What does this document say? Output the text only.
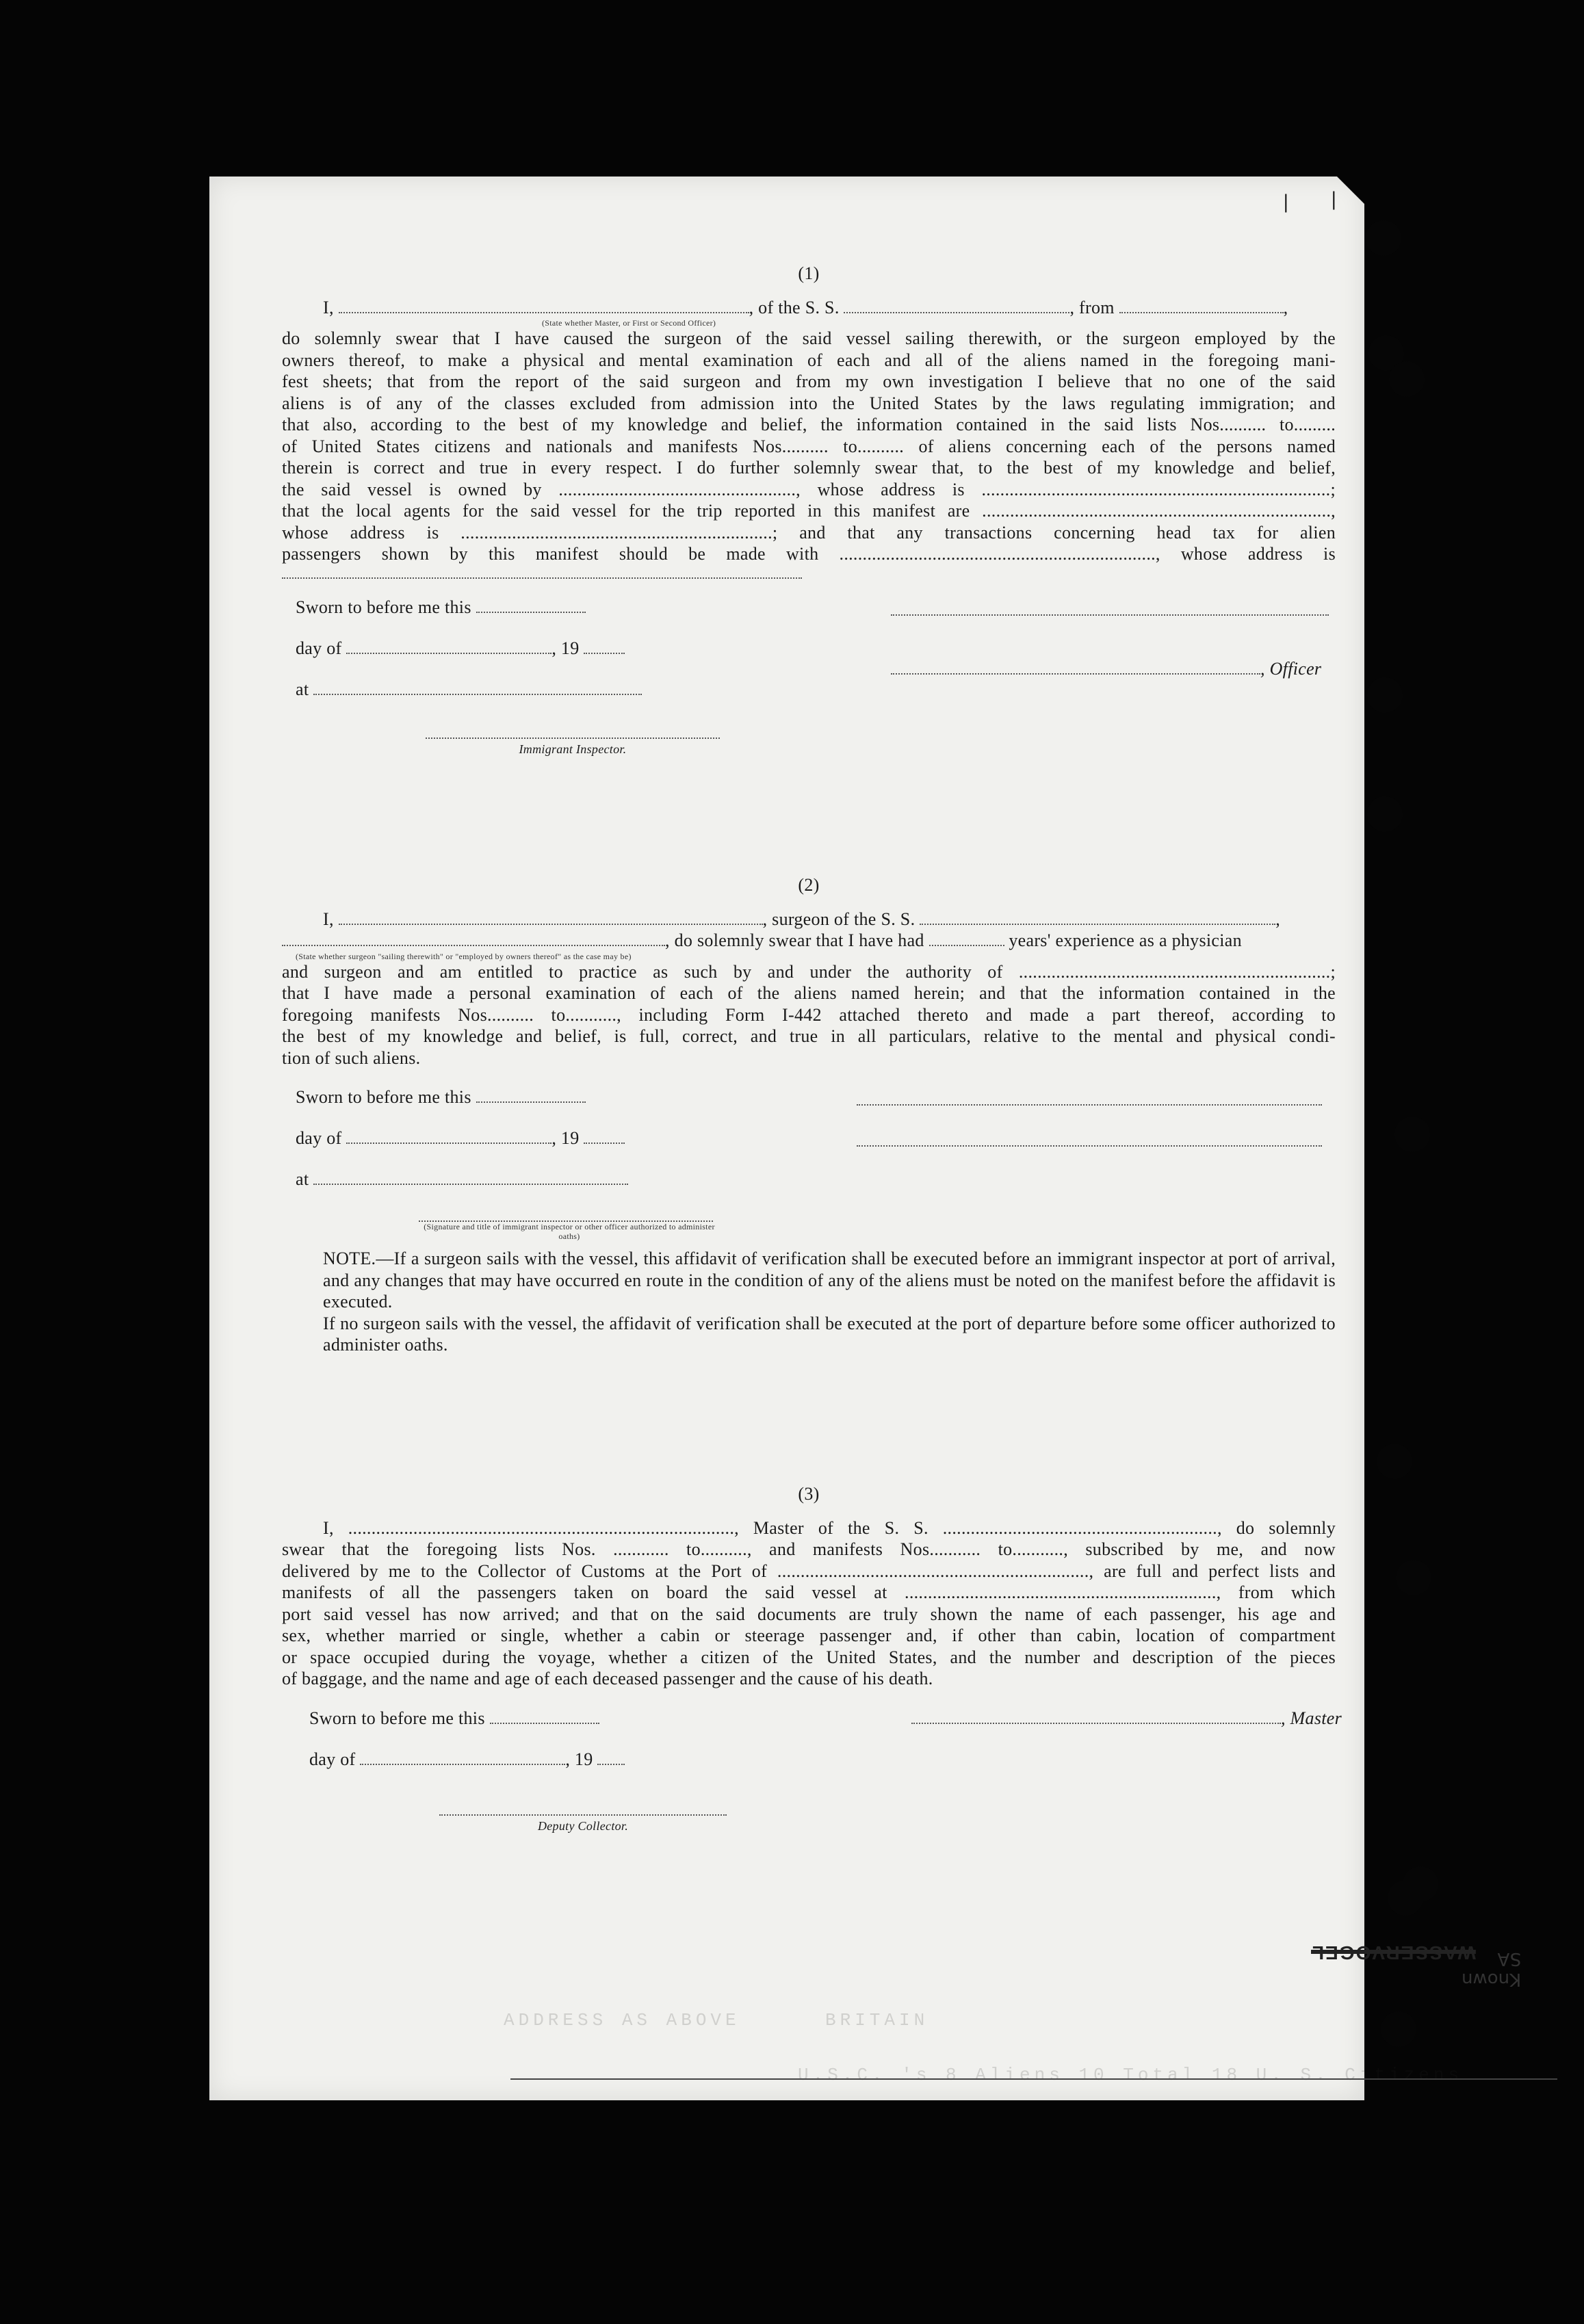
U.S.C. 's 8 Aliens 10 Total 18 U. S. Citizens
BRITAIN
ADDRESS AS ABOVE
(1)
I,	, of the S. S.	, from	,
(State whether Master, or First or Second Officer)
do solemnly swear that I have caused the surgeon of the said vessel sailing therewith, or the surgeon employed by the
owners thereof, to make a physical and mental examination of each and all of the aliens named in the foregoing mani-
fest sheets; that from the report of the said surgeon and from my own investigation I believe that no one of the said
aliens is of any of the classes excluded from admission into the United States by the laws regulating immigration; and
that also, according to the best of my knowledge and belief, the information contained in the said lists Nos.......... to.........
of United States citizens and nationals and manifests Nos.......... to.......... of aliens concerning each of the persons named
therein is correct and true in every respect. I do further solemnly swear that, to the best of my knowledge and belief,
the said vessel is owned by ..................................................., whose address is ...........................................................................;
that the local agents for the said vessel for the trip reported in this manifest are ...........................................................................,
whose address is ...................................................................; and that any transactions concerning head tax for alien
passengers shown by this manifest should be made with ...................................................................., whose address is
Sworn to before me this
day of	, 19
, Officer
at
Immigrant Inspector.
(2)
I,	, surgeon of the S. S.	,
, do solemnly swear that I have had	years' experience as a physician
(State whether surgeon "sailing therewith" or "employed by owners thereof" as the case may be)
and surgeon and am entitled to practice as such by and under the authority of ...................................................................;
that I have made a personal examination of each of the aliens named herein; and that the information contained in the
foregoing manifests Nos.......... to..........., including Form I-442 attached thereto and made a part thereof, according to
the best of my knowledge and belief, is full, correct, and true in all particulars, relative to the mental and physical condi-
tion of such aliens.
Sworn to before me this
day of	, 19
at
(Signature and title of immigrant inspector or other officer authorized to administer oaths)

NOTE.—If a surgeon sails with the vessel, this affidavit of verification shall be executed before an immigrant inspector at port of arrival, and any changes that may have occurred en route in the condition of any of the aliens must be noted on the manifest before the affidavit is executed.

If no surgeon sails with the vessel, the affidavit of verification shall be executed at the port of departure before some officer authorized to administer oaths.

(3)
I, ..................................................................................., Master of the S. S. ..........................................................., do solemnly
swear that the foregoing lists Nos. ............ to.........., and manifests Nos........... to..........., subscribed by me, and now
delivered by me to the Collector of Customs at the Port of ..................................................................., are full and perfect lists and
manifests of all the passengers taken on board the said vessel at ..................................................................., from which
port said vessel has now arrived; and that on the said documents are truly shown the name of each passenger, his age and
sex, whether married or single, whether a cabin or steerage passenger and, if other than cabin, location of compartment
or space occupied during the voyage, whether a citizen of the United States, and the number and description of the pieces
of baggage, and the name and age of each deceased passenger and the cause of his death.
Sworn to before me this	, Master
day of	, 19
Deputy Collector.
WASSERVOGEL
Known SA
| |
